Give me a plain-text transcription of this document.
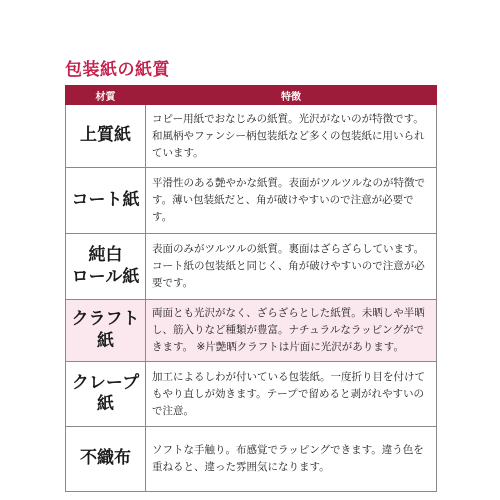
包装紙の紙質
材質	特徴

上質紙	コピー用紙でおなじみの紙質。光沢がないのが特徴です。和風柄やファンシー柄包装紙など多くの包装紙に用いられています。

コート紙	平滑性のある艶やかな紙質。表面がツルツルなのが特徴です。薄い包装紙だと、角が破けやすいので注意が必要です。

純白
ロール紙	表面のみがツルツルの紙質。裏面はざらざらしています。コート紙の包装紙と同じく、角が破けやすいので注意が必要です。

クラフト紙	両面とも光沢がなく、ざらざらとした紙質。未晒しや半晒し、筋入りなど種類が豊富。ナチュラルなラッピングができます。 ※片艶晒クラフトは片面に光沢があります。

クレープ紙	加工によるしわが付いている包装紙。一度折り目を付けてもやり直しが効きます。テープで留めると剥がれやすいので注意。

不織布	ソフトな手触り。布感覚でラッピングできます。違う色を重ねると、違った雰囲気になります。
